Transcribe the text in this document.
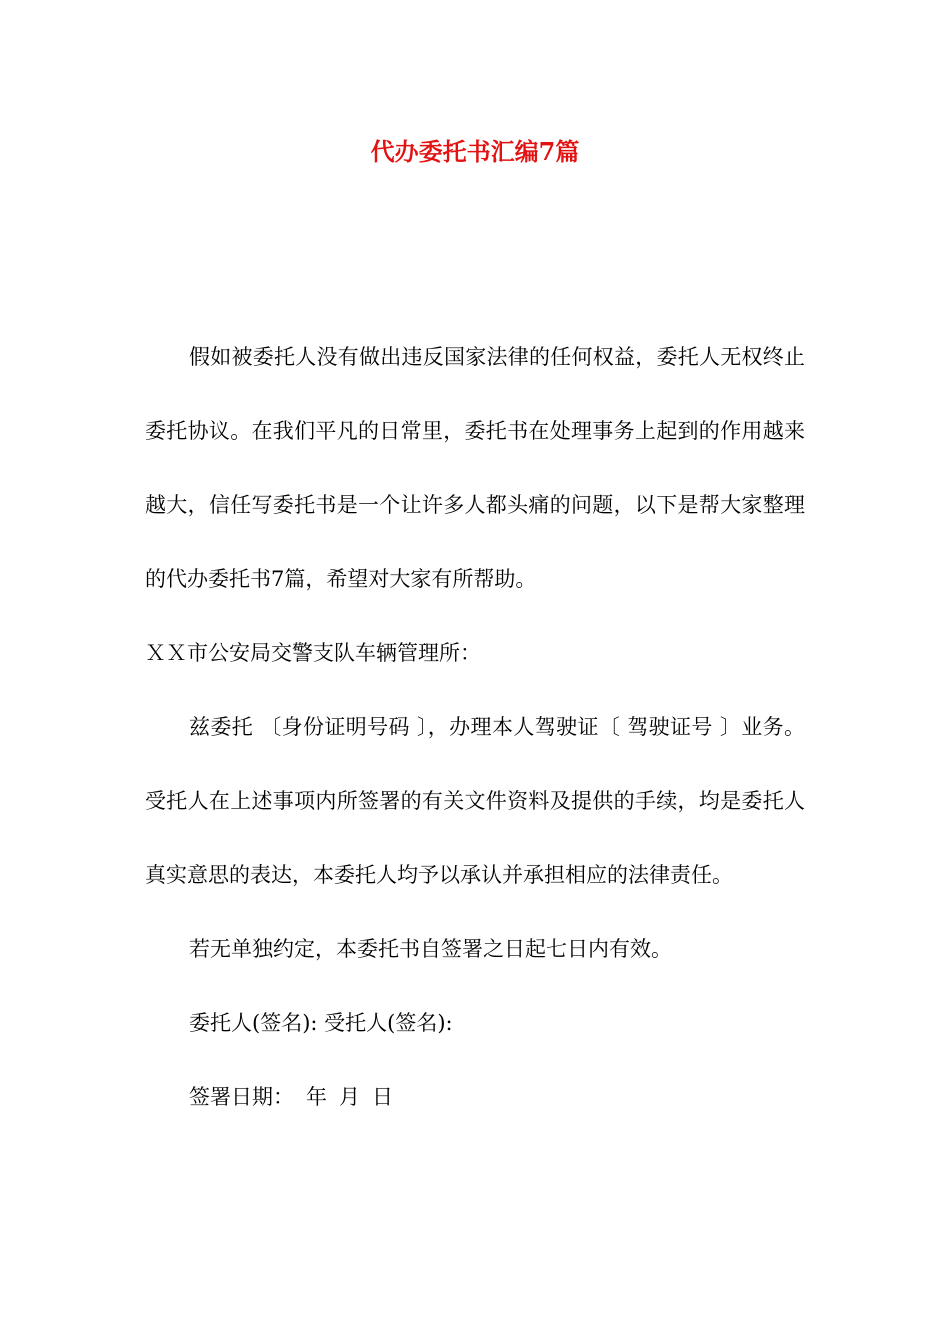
代办委托书汇编7篇

假如被委托人没有做出违反国家法律的任何权益，委托人无权终止委托协议。在我们平凡的日常里，委托书在处理事务上起到的作用越来越大，信任写委托书是一个让许多人都头痛的问题，以下是帮大家整理的代办委托书7篇，希望对大家有所帮助。

ＸＸ市公安局交警支队车辆管理所：

兹委托 〔身份证明号码 〕，办理本人驾驶证〔 驾驶证号 〕业务。受托人在上述事项内所签署的有关文件资料及提供的手续，均是委托人真实意思的表达，本委托人均予以承认并承担相应的法律责任。

若无单独约定，本委托书自签署之日起七日内有效。

委托人(签名): 受托人(签名):

签署日期： 年 月 日
